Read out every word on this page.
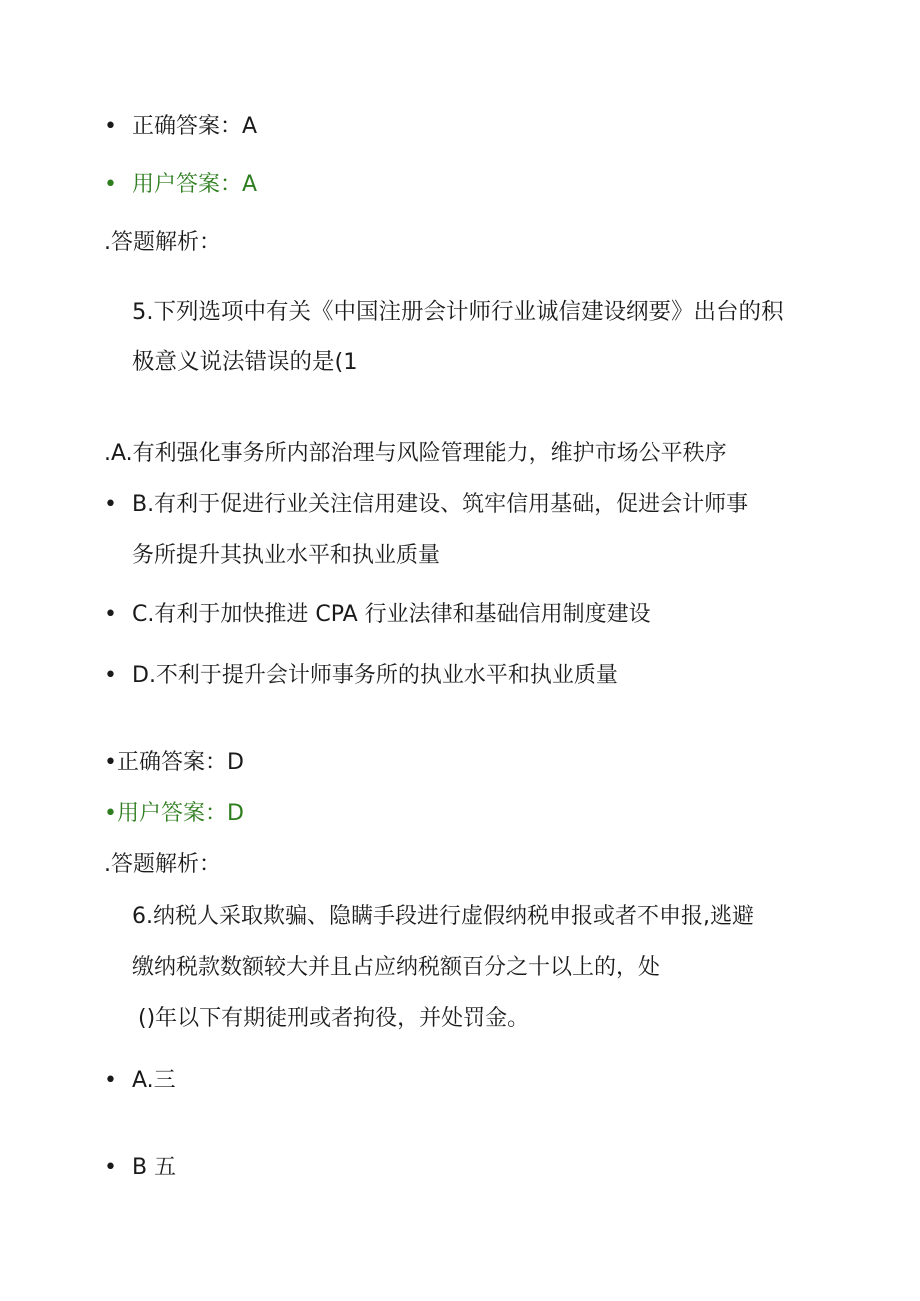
• 正确答案：A
• 用户答案：A
.答题解析：
5.下列选项中有关《中国注册会计师行业诚信建设纲要》出台的积
极意义说法错误的是(1
.A.有利强化事务所内部治理与风险管理能力，维护市场公平秩序
• B.有利于促进行业关注信用建设、筑牢信用基础，促进会计师事
务所提升其执业水平和执业质量
• C.有利于加快推进 CPA 行业法律和基础信用制度建设
• D.不利于提升会计师事务所的执业水平和执业质量
•正确答案：D
•用户答案：D
.答题解析：
6.纳税人采取欺骗、隐瞒手段进行虚假纳税申报或者不申报,逃避
缴纳税款数额较大并且占应纳税额百分之十以上的，处
()年以下有期徒刑或者拘役，并处罚金。
• A.三
• B 五
